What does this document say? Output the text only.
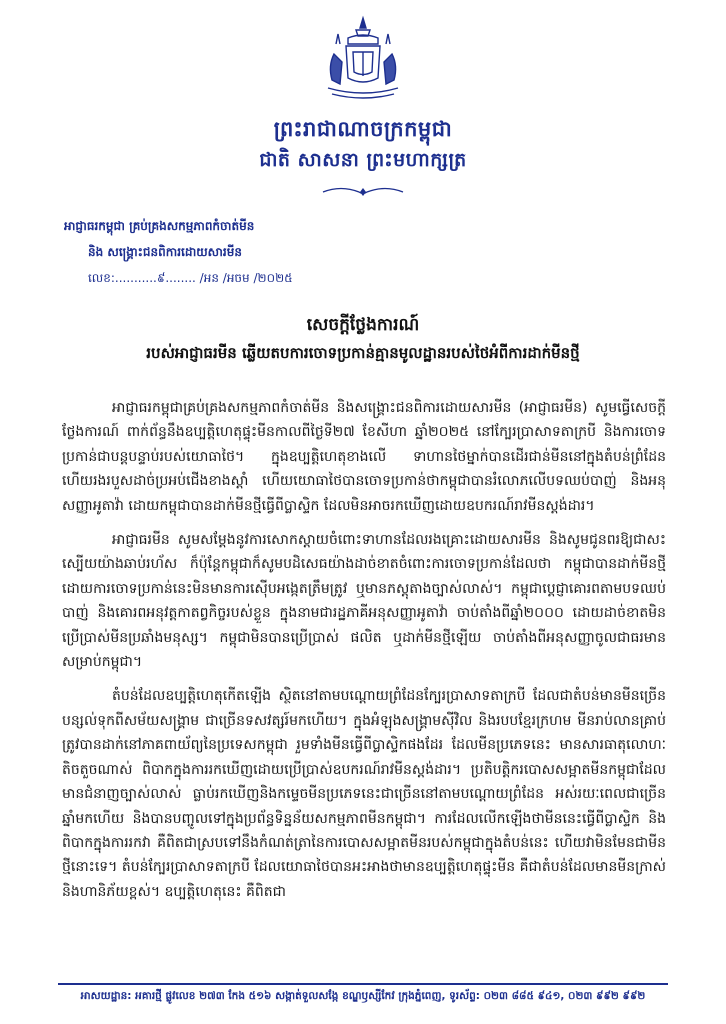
ព្រះរាជាណាចក្រកម្ពុជា
ជាតិ សាសនា ព្រះមហាក្សត្រ
អាជ្ញាធរកម្ពុជា គ្រប់គ្រងសកម្មភាពកំចាត់មីន
និង សង្គ្រោះជនពិការដោយសារមីន
លេខ:...........៩........ /អន /អចម /២០២៥
សេចក្តីថ្លែងការណ៍
របស់អាជ្ញាធរមីន ឆ្លើយតបការចោទប្រកាន់គ្មានមូលដ្ឋានរបស់ថៃអំពីការដាក់មីនថ្មី

អាជ្ញាធរកម្ពុជាគ្រប់គ្រងសកម្មភាពកំចាត់មីន និងសង្គ្រោះជនពិការដោយសារមីន (អាជ្ញាធរមីន) សូមធ្វើសេចក្តីថ្លែងការណ៍ ពាក់ព័ន្ធនឹងឧប្បត្តិហេតុផ្ទុះមីនកាលពីថ្ងៃទី២៧ ខែសីហា ឆ្នាំ២០២៥ នៅក្បែរប្រាសាទតាក្របី និងការចោទប្រកាន់ជាបន្តបន្ទាប់របស់យោធាថៃ។ ក្នុងឧប្បត្តិហេតុខាងលើ ទាហានថៃម្នាក់បានដើរជាន់មីននៅក្នុងតំបន់ព្រំដែន ហើយរងរបួសដាច់ប្រអប់ជើងខាងស្តាំ ហើយយោធាថៃបានចោទប្រកាន់ថាកម្ពុជាបានរំលោភលើបទឈប់បាញ់ និងអនុសញ្ញាអូតាវ៉ា ដោយកម្ពុជាបានដាក់មីនថ្មីធ្វើពីប្លាស្ទិក ដែលមិនអាចរកឃើញដោយឧបករណ៍រាវមីនស្តង់ដារ។

អាជ្ញាធរមីន សូមសម្តែងនូវការសោកស្តាយចំពោះទាហានដែលរងគ្រោះដោយសារមីន និងសូមជូនពរឱ្យជាសះស្បើយយ៉ាងឆាប់រហ័ស ក៏ប៉ុន្តែកម្ពុជាក៏សូមបដិសេធយ៉ាងដាច់ខាតចំពោះការចោទប្រកាន់ដែលថា កម្ពុជាបានដាក់មីនថ្មី ដោយការចោទប្រកាន់នេះមិនមានការស៊ើបអង្កេតត្រឹមត្រូវ ឬមានភស្តុតាងច្បាស់លាស់។ កម្ពុជាប្តេជ្ញាគោរពតាមបទឈប់បាញ់ និងគោរពអនុវត្តកាតព្វកិច្ចរបស់ខ្លួន ក្នុងនាមជារដ្ឋភាគីអនុសញ្ញាអូតាវ៉ា ចាប់តាំងពីឆ្នាំ២០០០ ដោយដាច់ខាតមិនប្រើប្រាស់មីនប្រឆាំងមនុស្ស។ កម្ពុជាមិនបានប្រើប្រាស់ ផលិត ឬដាក់មីនថ្មីឡើយ ចាប់តាំងពីអនុសញ្ញាចូលជាធរមានសម្រាប់កម្ពុជា។

តំបន់ដែលឧប្បត្តិហេតុកើតឡើង ស្ថិតនៅតាមបណ្តោយព្រំដែនក្បែរប្រាសាទតាក្របី ដែលជាតំបន់មានមីនច្រើន បន្សល់ទុកពីសម័យសង្គ្រាម ជាច្រើនទសវត្សរ៍មកហើយ។ ក្នុងអំឡុងសង្គ្រាមស៊ីវិល និងរបបខ្មែរក្រហម មីនរាប់លានគ្រាប់ត្រូវបានដាក់នៅភាគពាយ័ព្យនៃប្រទេសកម្ពុជា រួមទាំងមីនធ្វើពីប្លាស្ទិកផងដែរ ដែលមីនប្រភេទនេះ មានសារធាតុលោហៈតិចតួចណាស់ ពិបាកក្នុងការរកឃើញដោយប្រើប្រាស់ឧបករណ៍រាវមីនស្តង់ដារ។ ប្រតិបត្តិករបោសសម្អាតមីនកម្ពុជាដែលមានជំនាញច្បាស់លាស់ ធ្លាប់រកឃើញនិងកម្ទេចមីនប្រភេទនេះជាច្រើននៅតាមបណ្តោយព្រំដែន អស់រយៈពេលជាច្រើនឆ្នាំមកហើយ និងបានបញ្ចូលទៅក្នុងប្រព័ន្ធទិន្នន័យសកម្មភាពមីនកម្ពុជា។ ការដែលលើកឡើងថាមីននេះធ្វើពីប្លាស្ទិក និងពិបាកក្នុងការរកវា គឺពិតជាស្របទៅនឹងកំណត់ត្រានៃការបោសសម្អាតមីនរបស់កម្ពុជាក្នុងតំបន់នេះ ហើយវាមិនមែនជាមីនថ្មីនោះទេ។ តំបន់ក្បែរប្រាសាទតាក្របី ដែលយោធាថៃបានអះអាងថាមានឧប្បត្តិហេតុផ្ទុះមីន គឺជាតំបន់ដែលមានមីនក្រាស់ និងហានិភ័យខ្ពស់។ ឧប្បត្តិហេតុនេះ គឺពិតជា

អាសយដ្ឋាន: អគារថ្មី ផ្លូវលេខ ២៧៣ កែង ៥១៦ សង្កាត់ទួលសង្កែ ខណ្ឌឫស្សីកែវ ក្រុងភ្នំពេញ, ទូរស័ព្ទ: ០២៣ ៨៨៥ ៩៤១, ០២៣ ៩៩២ ៩៩២
